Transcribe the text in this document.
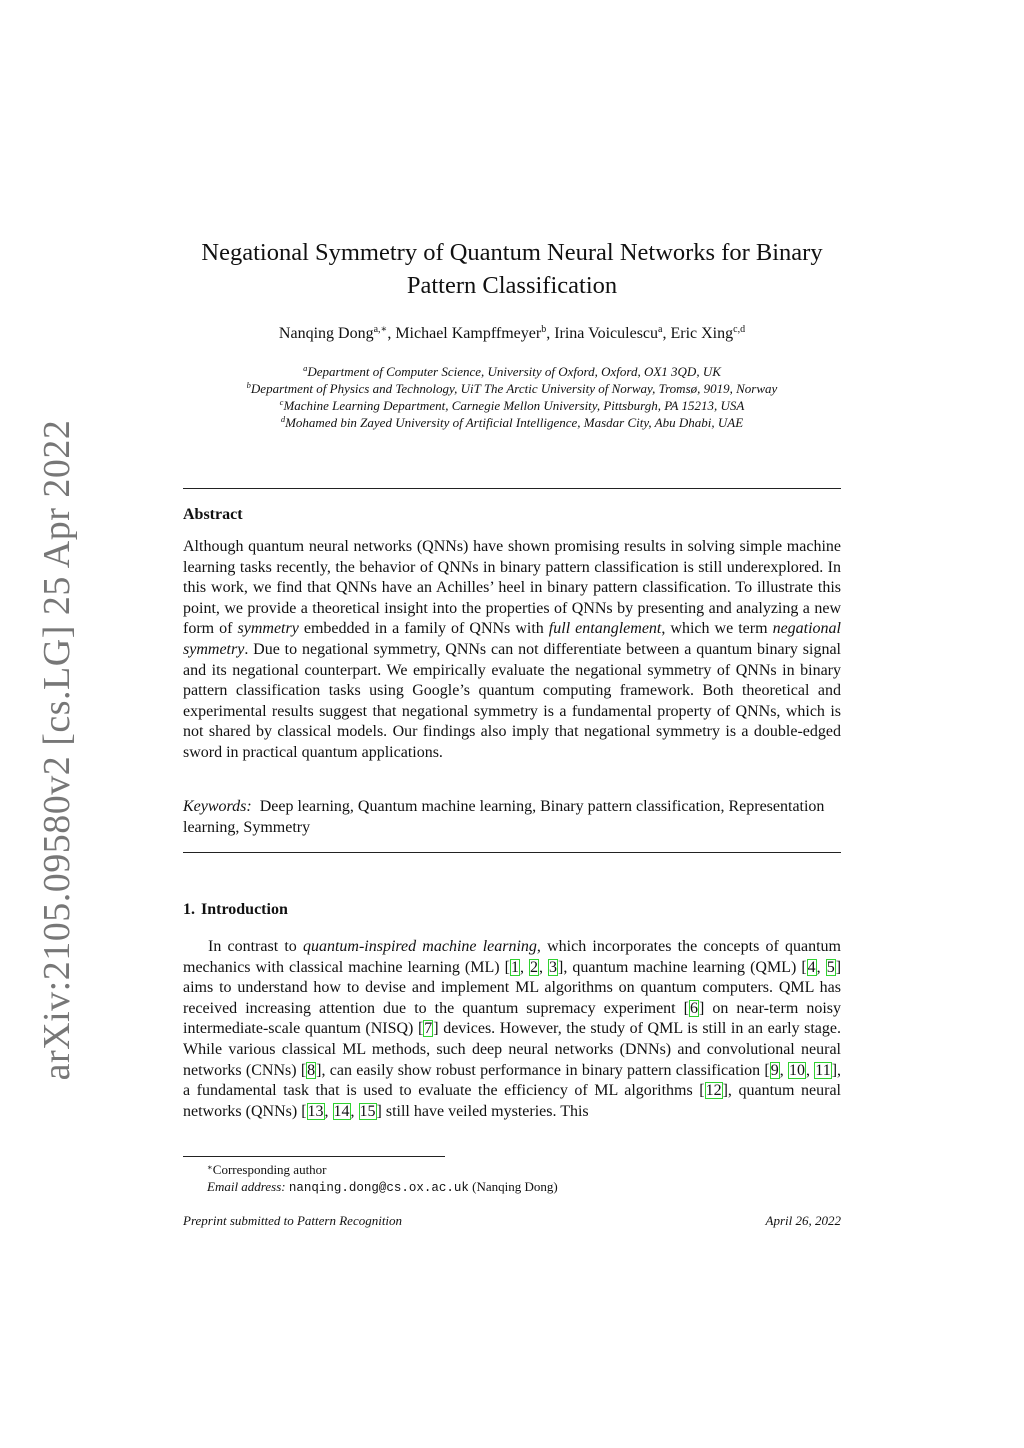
arXiv:2105.09580v2 [cs.LG] 25 Apr 2022
Negational Symmetry of Quantum Neural Networks for Binary
Pattern Classification
Nanqing Dong$^{a,∗}$, Michael Kampffmeyer$^b$, Irina Voiculescu$^a$, Eric Xing$^{c,d}$
$^a$Department of Computer Science, University of Oxford, Oxford, OX1 3QD, UK
$^b$Department of Physics and Technology, UiT The Arctic University of Norway, Tromsø, 9019, Norway
$^c$Machine Learning Department, Carnegie Mellon University, Pittsburgh, PA 15213, USA
$^d$Mohamed bin Zayed University of Artificial Intelligence, Masdar City, Abu Dhabi, UAE
Abstract
Although quantum neural networks (QNNs) have shown promising results in solving simple machine learning tasks recently, the behavior of QNNs in binary pattern classification is still underexplored. In this work, we find that QNNs have an Achilles’ heel in binary pattern classification. To illustrate this point, we provide a theoretical insight into the properties of QNNs by presenting and analyzing a new form of symmetry embedded in a family of QNNs with full entanglement, which we term negational symmetry. Due to negational symmetry, QNNs can not differentiate between a quantum binary signal and its negational counterpart. We empirically evaluate the negational symmetry of QNNs in binary pattern classification tasks using Google’s quantum computing framework. Both theoretical and experimental results suggest that negational symmetry is a fundamental property of QNNs, which is not shared by classical models. Our findings also imply that negational symmetry is a double-edged sword in practical quantum applications.
Keywords: Deep learning, Quantum machine learning, Binary pattern classification, Representation learning, Symmetry
1. Introduction
In contrast to quantum-inspired machine learning, which incorporates the concepts of quantum mechanics with classical machine learning (ML) [1, 2, 3], quantum machine learning (QML) [4, 5] aims to understand how to devise and implement ML algorithms on quantum computers. QML has received increasing attention due to the quantum supremacy experiment [6] on near-term noisy intermediate-scale quantum (NISQ) [7] devices. However, the study of QML is still in an early stage. While various classical ML methods, such deep neural networks (DNNs) and convolutional neural networks (CNNs) [8], can easily show robust performance in binary pattern classification [9, 10, 11], a fundamental task that is used to evaluate the efficiency of ML algorithms [12], quantum neural networks (QNNs) [13, 14, 15] still have veiled mysteries. This
∗Corresponding author
Email address: nanqing.dong@cs.ox.ac.uk (Nanqing Dong)
Preprint submitted to Pattern Recognition	April 26, 2022
